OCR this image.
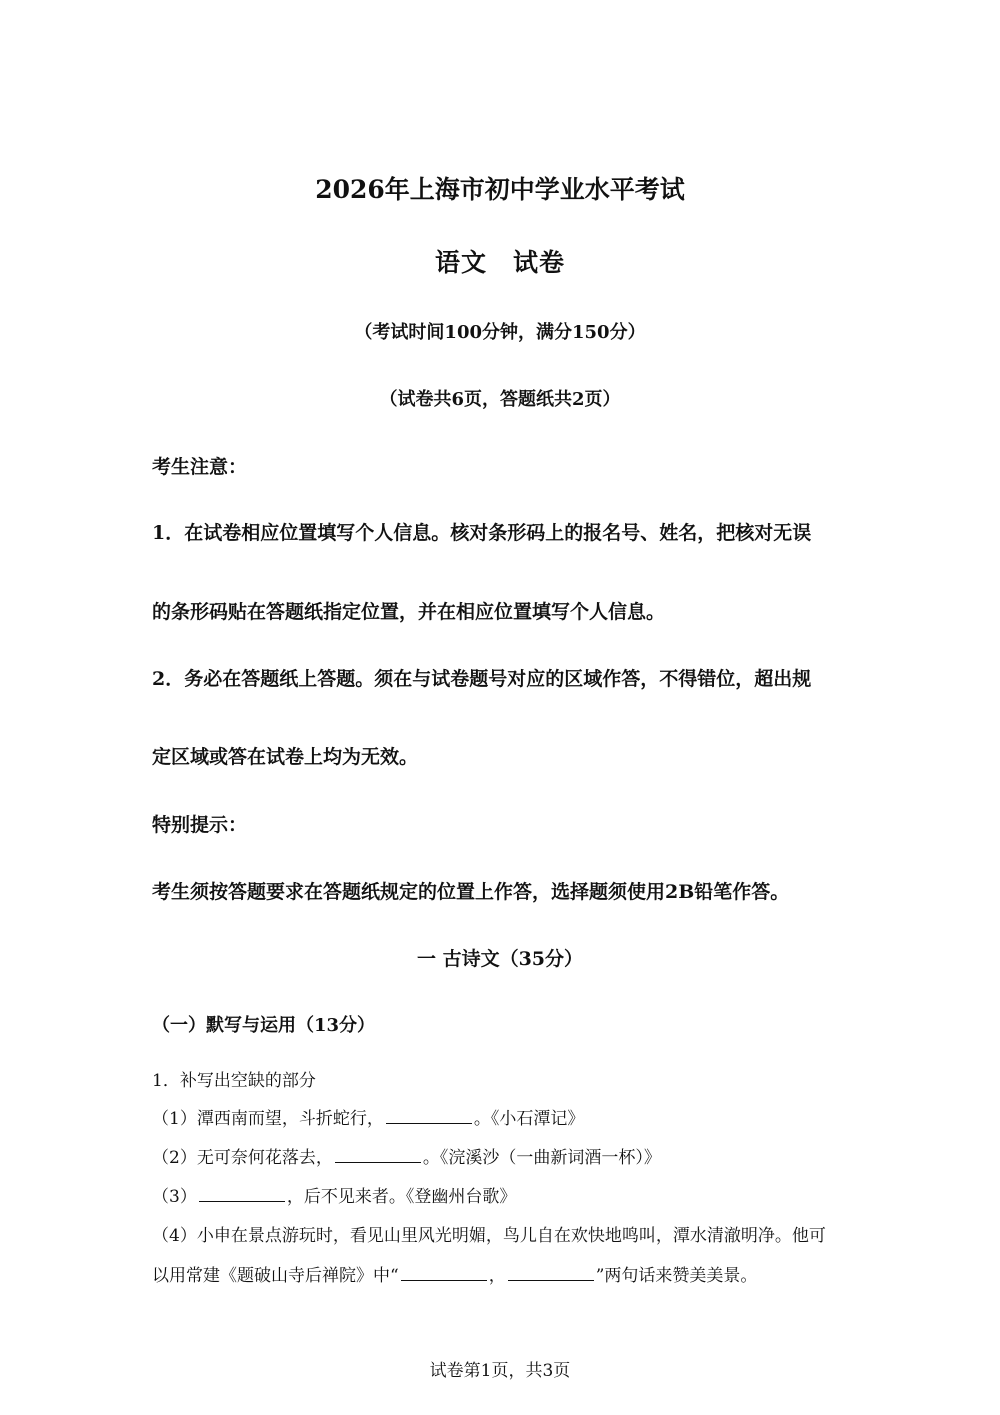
2026年上海市初中学业水平考试
语文　试卷
（考试时间100分钟，满分150分）
（试卷共6页，答题纸共2页）
考生注意：
1．在试卷相应位置填写个人信息。核对条形码上的报名号、姓名，把核对无误
的条形码贴在答题纸指定位置，并在相应位置填写个人信息。
2．务必在答题纸上答题。须在与试卷题号对应的区域作答，不得错位，超出规
定区域或答在试卷上均为无效。
特别提示：
考生须按答题要求在答题纸规定的位置上作答，选择题须使用2B铅笔作答。
一 古诗文（35分）
（一）默写与运用（13分）
1．补写出空缺的部分
（1）潭西南而望，斗折蛇行，	。《小石潭记》
（2）无可奈何花落去，	。《浣溪沙（一曲新词酒一杯）》
（3）	，后不见来者。《登幽州台歌》
（4）小申在景点游玩时，看见山里风光明媚，鸟儿自在欢快地鸣叫，潭水清澈明净。他可
以用常建《题破山寺后禅院》中“	，	”两句话来赞美美景。
试卷第1页，共3页
